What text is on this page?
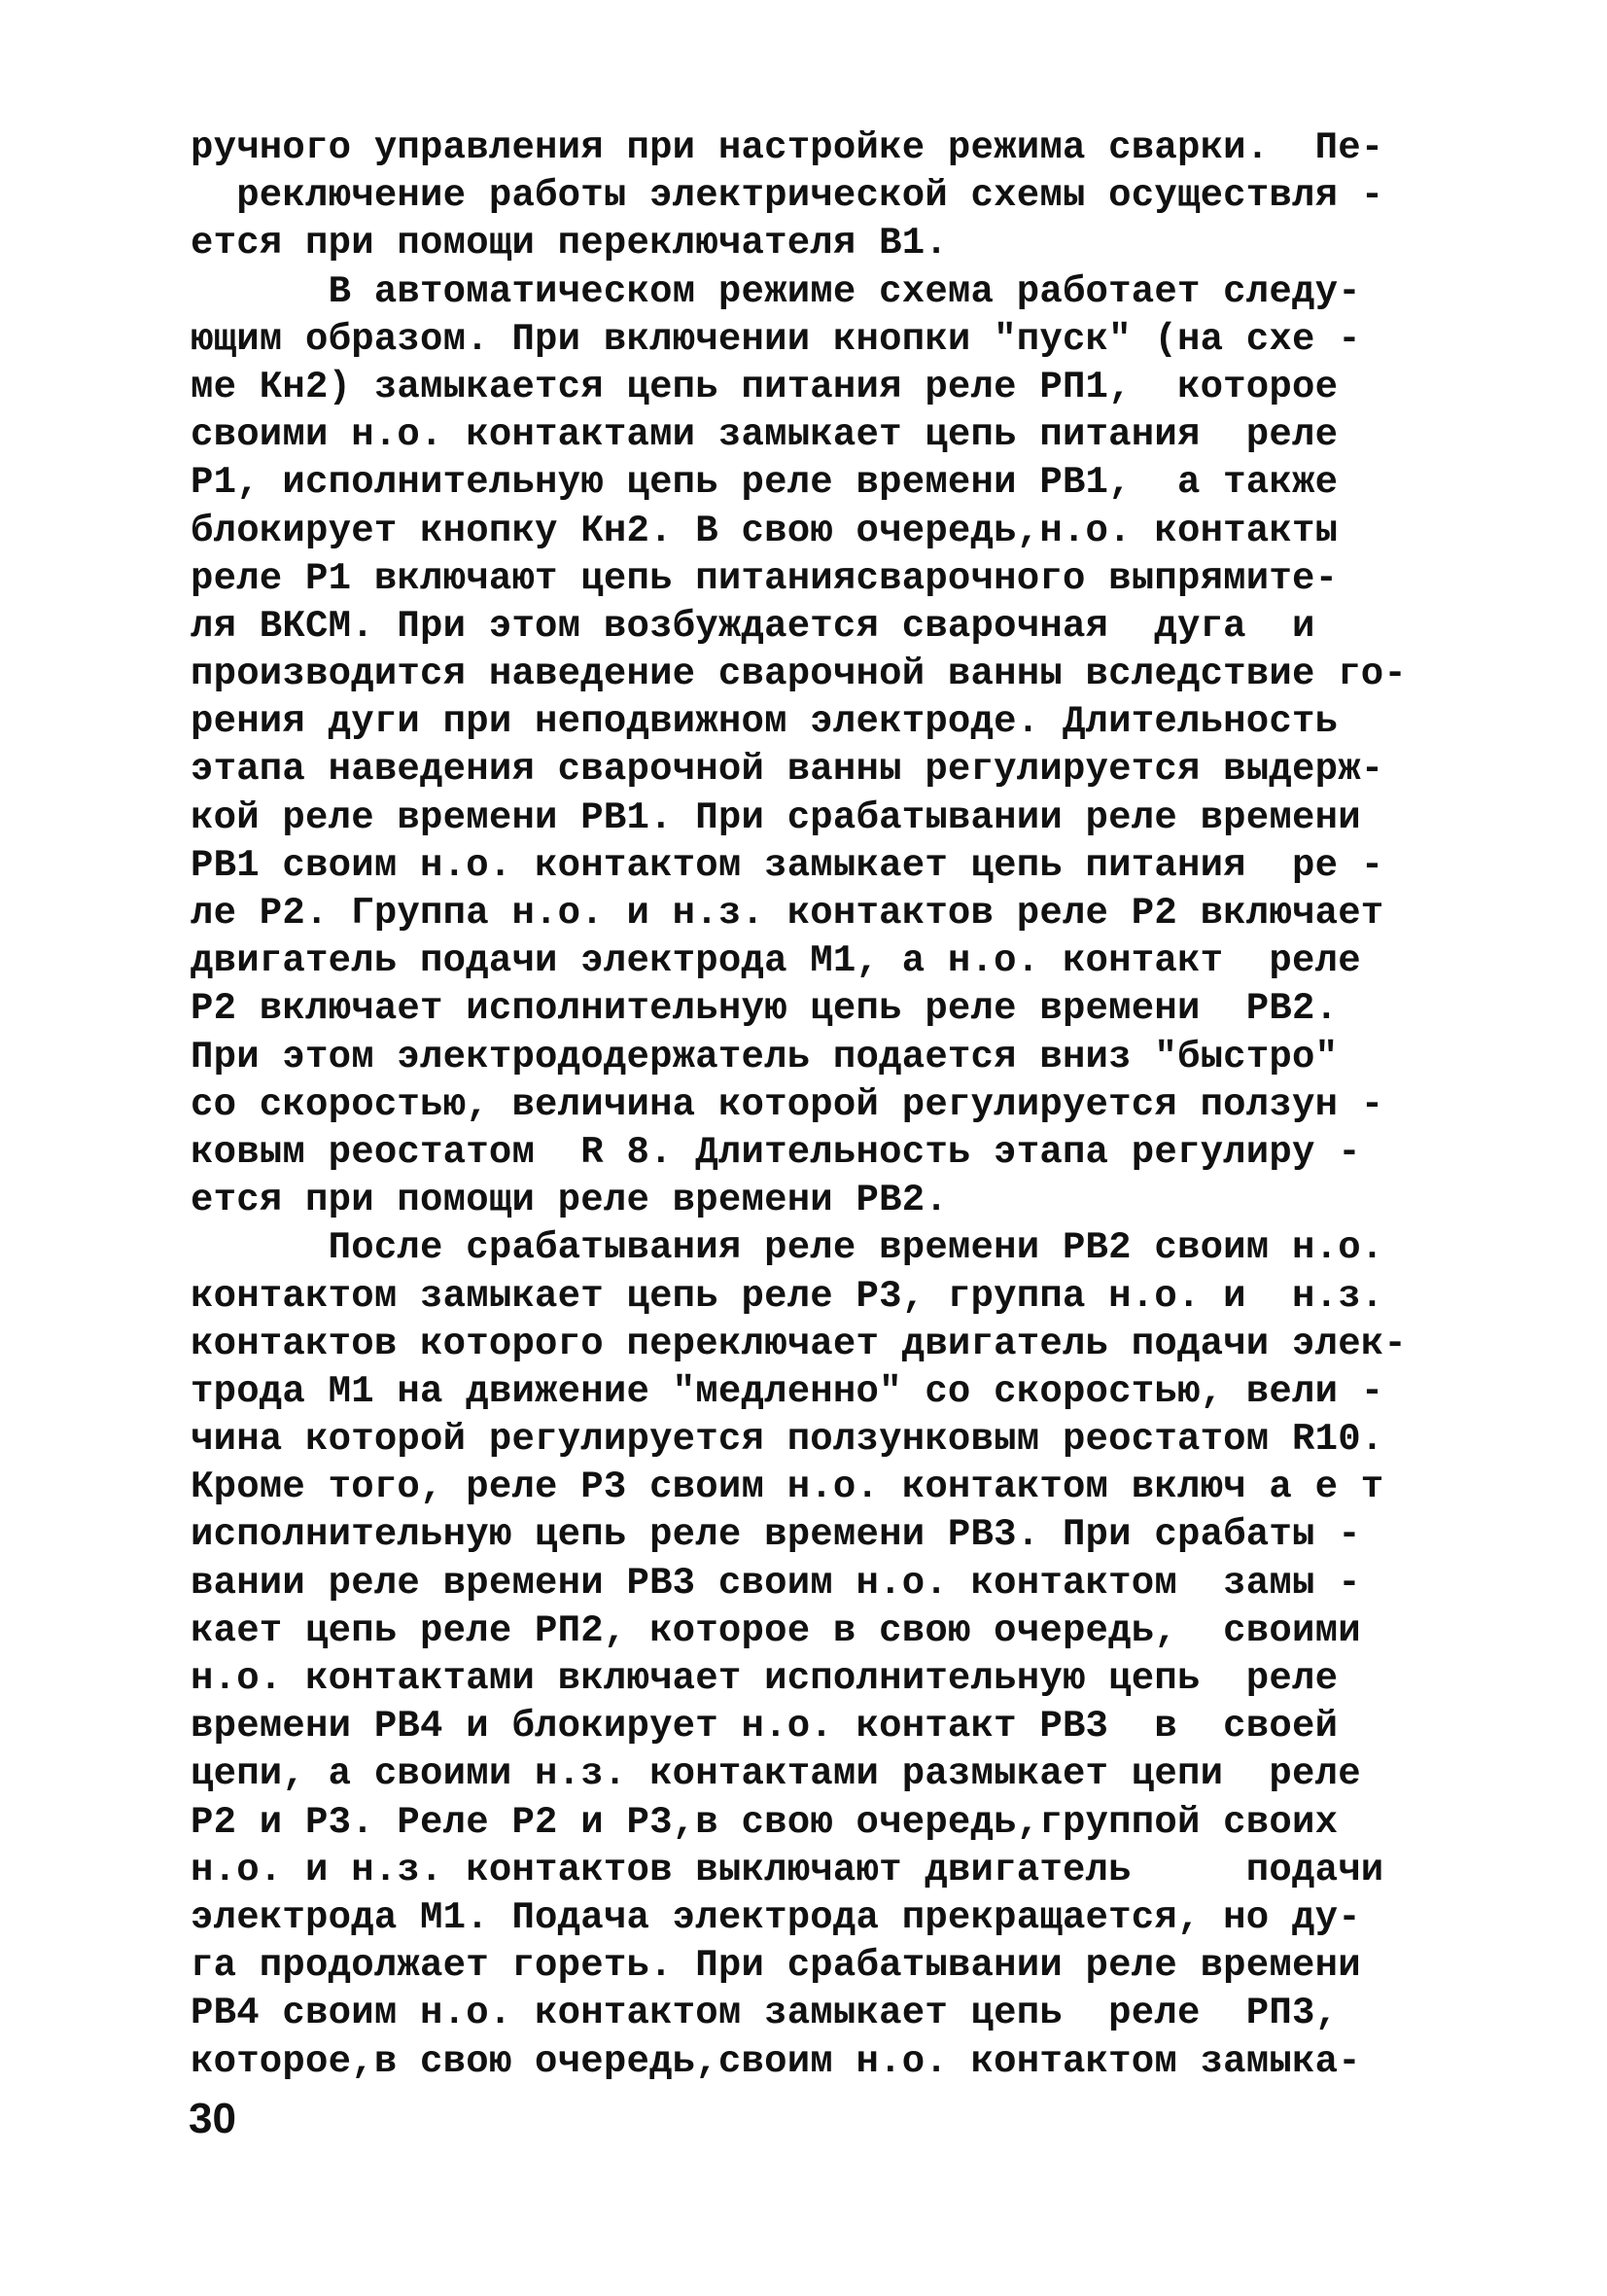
ручного управления при настройке режима сварки.  Пе-
реключение работы электрической схемы осуществля -
ется при помощи переключателя В1.
В автоматическом режиме схема работает следу-
ющим образом. При включении кнопки "пуск" (на схе -
ме Кн2) замыкается цепь питания реле РП1,  которое
своими н.о. контактами замыкает цепь питания  реле
Р1, исполнительную цепь реле времени РВ1,  а также
блокирует кнопку Кн2. В свою очередь,н.о. контакты
реле Р1 включают цепь питаниясварочного выпрямите-
ля ВКСМ. При этом возбуждается сварочная  дуга  и
производится наведение сварочной ванны вследствие го-
рения дуги при неподвижном электроде. Длительность
этапа наведения сварочной ванны регулируется выдерж-
кой реле времени РВ1. При срабатывании реле времени
РВ1 своим н.о. контактом замыкает цепь питания  ре -
ле Р2. Группа н.о. и н.з. контактов реле Р2 включает
двигатель подачи электрода М1, а н.о. контакт  реле
Р2 включает исполнительную цепь реле времени  РВ2.
При этом электрододержатель подается вниз "быстро"
со скоростью, величина которой регулируется ползун -
ковым реостатом  R 8. Длительность этапа регулиру -
ется при помощи реле времени РВ2.
После срабатывания реле времени РВ2 своим н.о.
контактом замыкает цепь реле Р3, группа н.о. и  н.з.
контактов которого переключает двигатель подачи элек-
трода М1 на движение "медленно" со скоростью, вели -
чина которой регулируется ползунковым реостатом R10.
Кроме того, реле Р3 своим н.о. контактом включ а е т
исполнительную цепь реле времени РВ3. При срабаты -
вании реле времени РВ3 своим н.о. контактом  замы -
кает цепь реле РП2, которое в свою очередь,  своими
н.о. контактами включает исполнительную цепь  реле
времени РВ4 и блокирует н.о. контакт РВ3  в  своей
цепи, а своими н.з. контактами размыкает цепи  реле
Р2 и Р3. Реле Р2 и Р3,в свою очередь,группой своих
н.о. и н.з. контактов выключают двигатель     подачи
электрода М1. Подача электрода прекращается, но ду-
га продолжает гореть. При срабатывании реле времени
РВ4 своим н.о. контактом замыкает цепь  реле  РП3,
которое,в свою очередь,своим н.о. контактом замыка-
30
